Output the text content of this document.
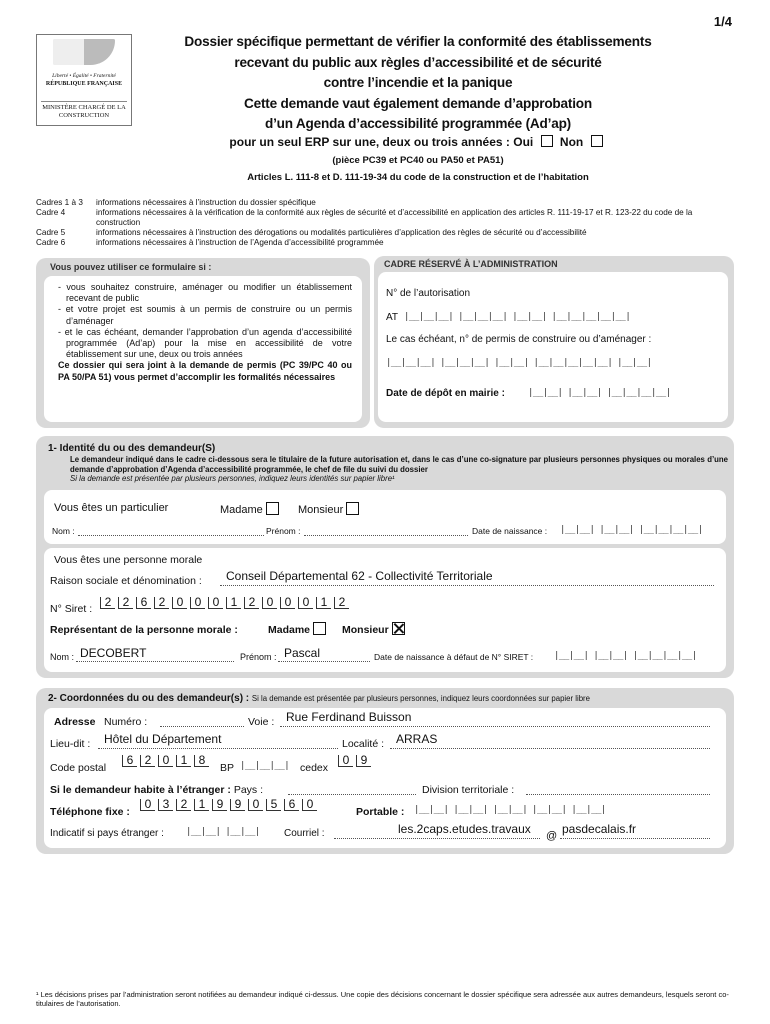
1/4
Liberté • Égalité • Fraternité
RÉPUBLIQUE FRANÇAISE
MINISTÈRE CHARGÉ DE LA CONSTRUCTION
Dossier spécifique permettant de vérifier la conformité des établissements
recevant du public aux règles d’accessibilité et de sécurité
contre l’incendie et la panique
Cette demande vaut également demande d’approbation
d’un Agenda d’accessibilité programmée (Ad’ap)
pour un seul ERP sur une, deux ou trois années : Oui Non
(pièce PC39 et PC40 ou PA50 et PA51)
Articles L. 111-8 et D. 111-19-34 du code de la construction et de l’habitation
Cadres 1 à 3	informations nécessaires à l’instruction du dossier spécifique
Cadre 4	informations nécessaires à la vérification de la conformité aux règles de sécurité et d’accessibilité en application des articles R. 111-19-17 et R. 123-22 du code de la construction
Cadre 5	informations nécessaires à l’instruction des dérogations ou modalités particulières d’application des règles de sécurité ou d’accessibilité
Cadre 6	informations nécessaires à l’instruction de l’Agenda d’accessibilité programmée
Vous pouvez utiliser ce formulaire si :
- vous souhaitez construire, aménager ou modifier un établissement recevant de public
- et votre projet est soumis à un permis de construire ou un permis d’aménager
- et le cas échéant, demander l’approbation d’un agenda d’accessibilité programmée (Ad’ap) pour la mise en accessibilité de votre établissement sur une, deux ou trois années
Ce dossier qui sera joint à la demande de permis (PC 39/PC 40 ou PA 50/PA 51) vous permet d’accomplir les formalités nécessaires
CADRE RÉSERVÉ À L’ADMINISTRATION
N° de l’autorisation
AT |__|__|__| |__|__|__| |__|__| |__|__|__|__|__|
Le cas échéant, n° de permis de construire ou d’aménager :
|__|__|__| |__|__|__| |__|__| |__|__|__|__|__| |__|__|
Date de dépôt en mairie :	|__|__| |__|__| |__|__|__|__|
1- Identité du ou des demandeur(S)
Le demandeur indiqué dans le cadre ci-dessous sera le titulaire de la future autorisation et, dans le cas d’une co-signature par plusieurs personnes physiques ou morales d’une demande d’approbation d’Agenda d’accessibilité programmée, le chef de file du suivi du dossier
Si la demande est présentée par plusieurs personnes, indiquez leurs identités sur papier libre¹
Vous êtes un particulier	Madame	Monsieur
Nom :	Prénom :	Date de naissance : |__|__| |__|__| |__|__|__|__|
Vous êtes une personne morale
Raison sociale et dénomination : Conseil Départemental 62 - Collectivité Territoriale
N° Siret :	2 2 6 2 0 0 0 1 2 0 0 0 1 2
Représentant de la personne morale :	Madame	Monsieur
Nom : DECOBERT	Prénom : Pascal	Date de naissance à défaut de N° SIRET : |__|__| |__|__| |__|__|__|__|
2- Coordonnées du ou des demandeur(s) : Si la demande est présentée par plusieurs personnes, indiquez leurs coordonnées sur papier libre
Adresse Numéro :	Voie : Rue Ferdinand Buisson
Lieu-dit : Hôtel du Département	Localité : ARRAS
Code postal
6 2 0 1 8
BP |__|__|__| cedex
0 9
Si le demandeur habite à l’étranger : Pays :	Division territoriale :
Téléphone fixe :
0 3 2 1 9 9 0 5 6 0
Portable : |__|__| |__|__| |__|__| |__|__| |__|__|
Indicatif si pays étranger : |__|__| |__|__| Courriel :	les.2caps.etudes.travaux @ pasdecalais.fr
¹ Les décisions prises par l’administration seront notifiées au demandeur indiqué ci-dessus. Une copie des décisions concernant le dossier spécifique sera adressée aux autres demandeurs, lesquels seront co-titulaires de l’autorisation.
